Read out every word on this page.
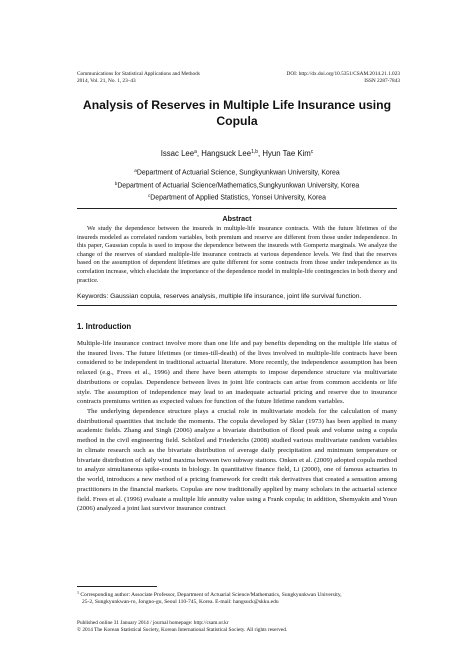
Communications for Statistical Applications and Methods
2014, Vol. 21, No. 1, 23–43
DOI: http://dx.doi.org/10.5351/CSAM.2014.21.1.023
ISSN 2287-7843
Analysis of Reserves in Multiple Life Insurance using
Copula
Issac Lee$^a$, Hangsuck Lee$^{1,b}$, Hyun Tae Kim$^c$
$^a$Department of Actuarial Science, Sungkyunkwan University, Korea
$^b$Department of Actuarial Science/Mathematics,Sungkyunkwan University, Korea
$^c$Department of Applied Statistics, Yonsei University, Korea
Abstract
We study the dependence between the insureds in multiple-life insurance contracts. With the future lifetimes of the insureds modeled as correlated random variables, both premium and reserve are different from those under independence. In this paper, Gaussian copula is used to impose the dependence between the insureds with Gompertz marginals. We analyze the change of the reserves of standard multiple-life insurance contracts at various dependence levels. We find that the reserves based on the assumption of dependent lifetimes are quite different for some contracts from those under independence as its correlation increase, which elucidate the importance of the dependence model in multiple-life contingencies in both theory and practice.
Keywords: Gaussian copula, reserves analysis, multiple life insurance, joint life survival function.
1. Introduction

Multiple-life insurance contract involve more than one life and pay benefits depending on the multiple life status of the insured lives. The future lifetimes (or times-till-death) of the lives involved in multiple-life contracts have been considered to be independent in traditional actuarial literature. More recently, the independence assumption has been relaxed (e.g., Frees et al., 1996) and there have been attempts to impose dependence structure via multivariate distributions or copulas. Dependence between lives in joint life contracts can arise from common accidents or life style. The assumption of independence may lead to an inadequate actuarial pricing and reserve due to insurance contracts premiums written as expected values for function of the future lifetime random variables.

The underlying dependence structure plays a crucial role in multivariate models for the calculation of many distributional quantities that include the moments. The copula developed by Sklar (1973) has been applied in many academic fields. Zhang and Singh (2006) analyze a bivariate distribution of flood peak and volume using a copula method in the civil engineering field. Schölzel and Friederichs (2008) studied various multivariate random variables in climate research such as the bivariate distribution of average daily precipitation and minimum temperature or bivariate distribution of daily wind maxima between two subway stations. Onken et al. (2009) adopted copula method to analyze simultaneous spike-counts in biology. In quantitative finance field, Li (2000), one of famous actuaries in the world, introduces a new method of a pricing framework for credit risk derivatives that created a sensation among practitioners in the financial markets. Copulas are now traditionally applied by many scholars in the actuarial science field. Frees et al. (1996) evaluate a multiple life annuity value using a Frank copula; in addition, Shemyakin and Youn (2006) analyzed a joint last survivor insurance contract

$^1$ Corresponding author: Associate Professor, Department of Actuarial Science/Mathematics, Sungkyunkwan University,
25-2, Sungkyunkwan-ro, Jongno-gu, Seoul 110-745, Korea. E-mail: hangsuck@skku.edu
Published online 31 January 2014 / journal homepage: http://csam.or.kr
© 2014 The Korean Statistical Society, Korean International Statistical Society. All rights reserved.
